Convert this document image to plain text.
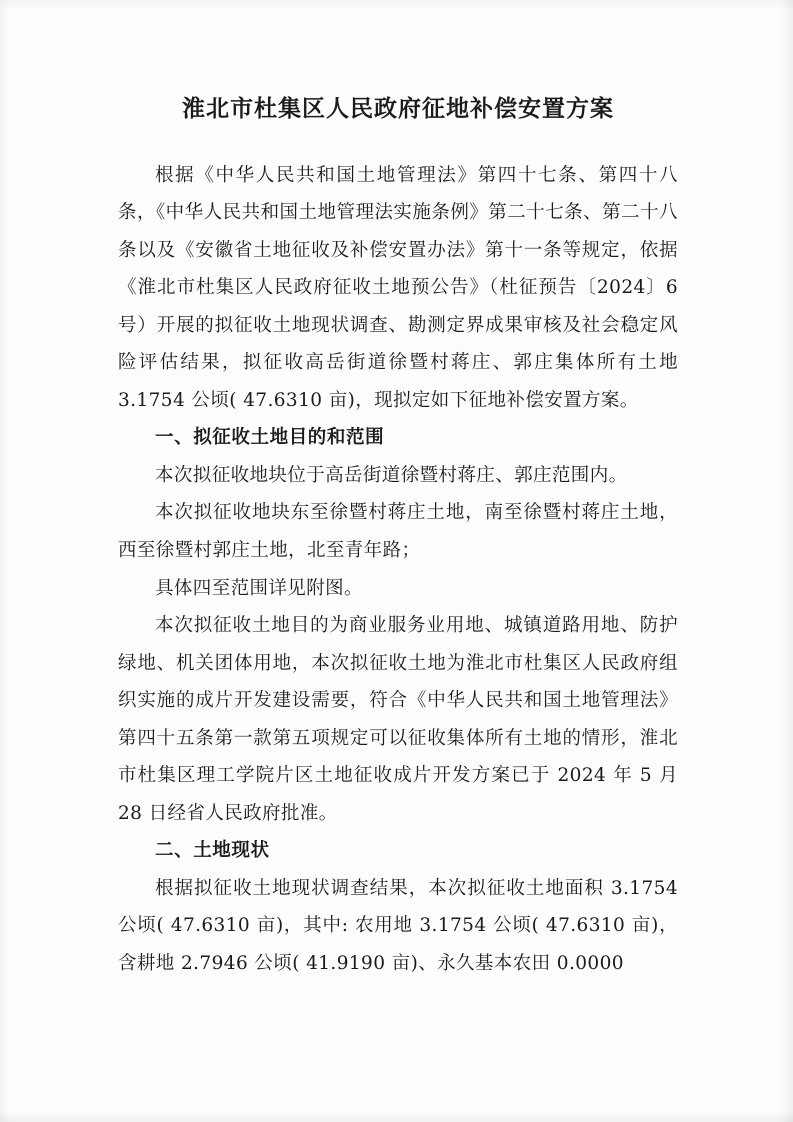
淮北市杜集区人民政府征地补偿安置方案

根据《中华人民共和国土地管理法》第四十七条、第四十八条，《中华人民共和国土地管理法实施条例》第二十七条、第二十八条以及《安徽省土地征收及补偿安置办法》第十一条等规定，依据《淮北市杜集区人民政府征收土地预公告》（杜征预告〔2024〕6 号）开展的拟征收土地现状调查、勘测定界成果审核及社会稳定风险评估结果，拟征收高岳街道徐暨村蒋庄、郭庄集体所有土地 3.1754 公顷( 47.6310 亩)，现拟定如下征地补偿安置方案。

一、拟征收土地目的和范围

本次拟征收地块位于高岳街道徐暨村蒋庄、郭庄范围内。

本次拟征收地块东至徐暨村蒋庄土地，南至徐暨村蒋庄土地，西至徐暨村郭庄土地，北至青年路；

具体四至范围详见附图。

本次拟征收土地目的为商业服务业用地、城镇道路用地、防护绿地、机关团体用地，本次拟征收土地为淮北市杜集区人民政府组织实施的成片开发建设需要，符合《中华人民共和国土地管理法》第四十五条第一款第五项规定可以征收集体所有土地的情形，淮北市杜集区理工学院片区土地征收成片开发方案已于 2024 年 5 月 28 日经省人民政府批准。

二、土地现状

根据拟征收土地现状调查结果，本次拟征收土地面积 3.1754 公顷( 47.6310 亩)，其中: 农用地 3.1754 公顷( 47.6310 亩)，含耕地 2.7946 公顷( 41.9190 亩)、永久基本农田 0.0000
